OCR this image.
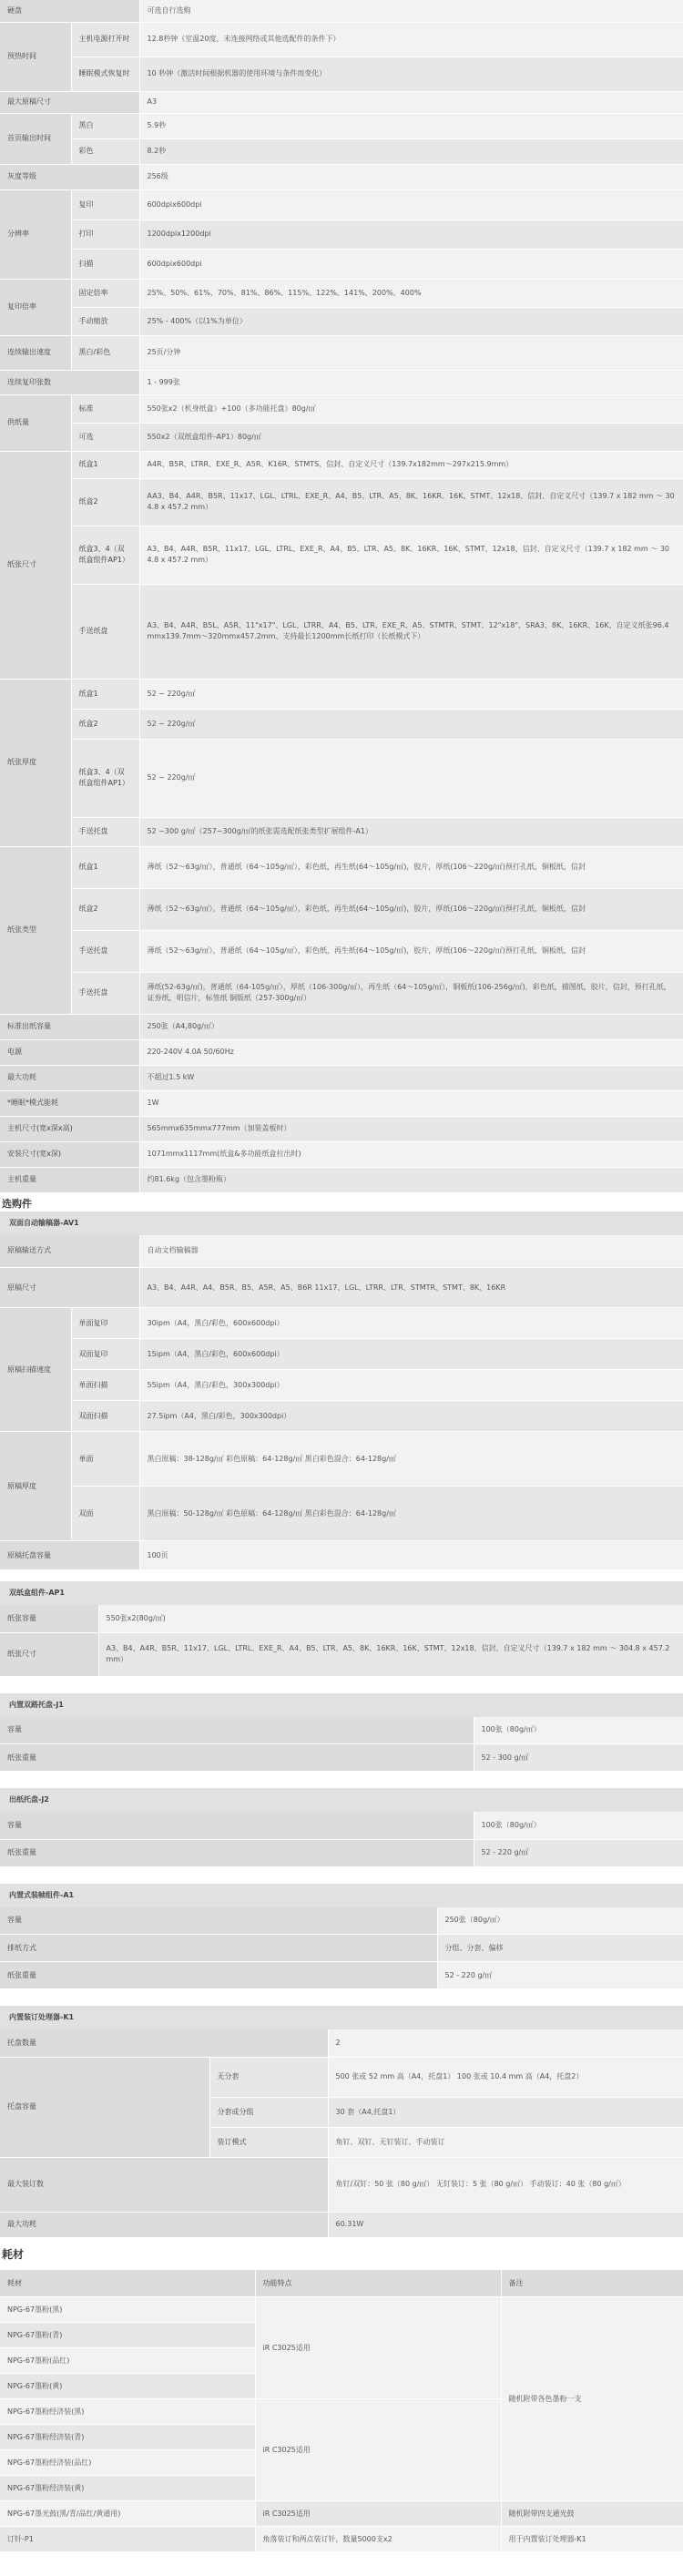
硬盘		可选自行选购
预热时间	主机电源打开时	12.8秒钟（室温20度，未连接网络或其他选配件的条件下）
	睡眠模式恢复时	10 秒钟（激活时间根据机器的使用环境与条件而变化）
最大原稿尺寸		A3
首页输出时间	黑白	5.9秒
	彩色	8.2秒
灰度等级		256级
分辨率	复印	600dpix600dpi
	打印	1200dpix1200dpi
	扫描	600dpix600dpi
复印倍率	固定倍率	25%、50%、61%、70%、81%、86%、115%、122%、141%、200%、400%
	手动缩放	25% - 400%（以1%为单位）
连续输出速度	黑白/彩色	25页/分钟
连续复印张数		1 - 999张
供纸量	标准	550张x2（机身纸盒）+100（多功能托盘）80g/㎡
	可选	550x2（双纸盒组件-AP1）80g/㎡
纸张尺寸	纸盒1	A4R、B5R、LTRR、EXE_R、A5R、K16R、STMTS、信封、自定义尺寸（139.7x182mm～297x215.9mm）
	纸盒2	AA3、B4、A4R、B5R、11x17、LGL、LTRL、EXE_R、A4、B5、LTR、A5、8K、16KR、16K、STMT、12x18、信封、自定义尺寸（139.7 x 182 mm ～ 304.8 x 457.2 mm）
	纸盒3、4（双纸盒组件AP1）	A3、B4、A4R、B5R、11x17、LGL、LTRL、EXE_R、A4、B5、LTR、A5、8K、16KR、16K、STMT、12x18、信封、自定义尺寸（139.7 x 182 mm ～ 304.8 x 457.2 mm）
	手送纸盘	A3、B4、A4R、B5L、A5R、11"x17"、LGL、LTRR、A4、B5、LTR、EXE_R、A5、STMTR、STMT、12"x18"、SRA3、8K、16KR、16K、自定义纸张96.4mmx139.7mm～320mmx457.2mm、支持最长1200mm长纸打印（长纸模式下）
纸张厚度	纸盒1	52 ~ 220g/㎡
	纸盒2	52 ~ 220g/㎡
	纸盒3、4（双纸盒组件AP1）	52 ~ 220g/㎡
	手送托盘	52 ~300 g/㎡（257~300g/㎡的纸张需选配纸张类型扩展组件-A1）
纸张类型	纸盒1	薄纸（52～63g/㎡），普通纸（64～105g/㎡），彩色纸，再生纸(64～105g/㎡)，胶片，厚纸(106～220g/㎡)预打孔纸，铜板纸，信封
	纸盒2	薄纸（52～63g/㎡），普通纸（64～105g/㎡），彩色纸，再生纸(64～105g/㎡)，胶片，厚纸(106～220g/㎡)预打孔纸，铜板纸，信封
	手送托盘	薄纸（52～63g/㎡），普通纸（64～105g/㎡），彩色纸，再生纸(64～105g/㎡)，胶片，厚纸(106～220g/㎡)预打孔纸，铜板纸，信封
	手送托盘	薄纸(52-63g/㎡)，普通纸（64-105g/㎡），厚纸（106-300g/㎡），再生纸（64～105g/㎡），铜板纸(106-256g/㎡)，彩色纸，描图纸，胶片，信封，预打孔纸，证券纸，明信片，标签纸 铜版纸（257-300g/㎡）
标准出纸容量		250张（A4,80g/㎡）
电源		220-240V 4.0A 50/60Hz
最大功耗		不超过1.5 kW
*睡眠*模式能耗		1W
主机尺寸(宽x深x高)		565mmx635mmx777mm（加装盖板时）
安装尺寸(宽x深)		1071mmx1117mm(纸盒&多功能纸盒拉出时)
主机重量		约81.6kg（包含墨粉瓶）
选购件
双面自动输稿器-AV1
原稿输送方式		自动文档输稿器
原稿尺寸		A3、B4、A4R、A4、B5R、B5、A5R、A5、B6R 11x17、LGL、LTRR、LTR、STMTR、STMT、8K、16KR
原稿扫描速度	单面复印	30ipm（A4，黑白/彩色，600x600dpi）
	双面复印	15ipm（A4，黑白/彩色，600x600dpi）
	单面扫描	55ipm（A4，黑白/彩色，300x300dpi）
	双面扫描	27.5ipm（A4，黑白/彩色，300x300dpi）
原稿厚度	单面	黑白原稿：38-128g/㎡ 彩色原稿：64-128g/㎡ 黑白彩色混合：64-128g/㎡
	双面	黑白原稿：50-128g/㎡ 彩色原稿：64-128g/㎡ 黑白彩色混合：64-128g/㎡
原稿托盘容量		100页
双纸盒组件-AP1
纸张容量	550张x2(80g/㎡)
纸张尺寸	A3、B4、A4R、B5R、11x17、LGL、LTRL、EXE_R、A4、B5、LTR、A5、8K、16KR、16K、STMT、12x18、信封、自定义尺寸（139.7 x 182 mm ～ 304.8 x 457.2 mm）
内置双路托盘-J1
容量	100张（80g/㎡）
纸张重量	52 - 300 g/㎡
出纸托盘-J2
容量	100张（80g/㎡）
纸张重量	52 - 220 g/㎡
内置式装帧组件-A1
容量	250张（80g/㎡）
排纸方式	分组、分套、偏移
纸张重量	52 - 220 g/㎡
内置装订处理器-K1
托盘数量		2
托盘容量	无分套	500 张或 52 mm 高（A4，托盘1） 100 张或 10.4 mm 高（A4，托盘2）
	分套或分组	30 套（A4,托盘1）
	装订模式	角钉、双钉、无钉装订、手动装订
最大装订数		角钉/双钉：50 张（80 g/㎡） 无钉装订：5 张（80 g/㎡） 手动装订：40 张（80 g/㎡）
最大功耗		60.31W
耗材
耗材	功能特点	备注
NPG-67墨粉(黑)	iR C3025适用	随机附带各色墨粉一支
NPG-67墨粉(青)		
NPG-67墨粉(品红)		
NPG-67墨粉(黄)		
NPG-67墨粉经济装(黑)	iR C3025适用	
NPG-67墨粉经济装(青)		
NPG-67墨粉经济装(品红)		
NPG-67墨粉经济装(黄)		
NPG-67墨光鼓(黑/青/品红/黄通用)	iR C3025适用	随机附带四支通光鼓
订针-P1	角落装订和两点装订针，数量5000支x2	用于内置装订处理器-K1
